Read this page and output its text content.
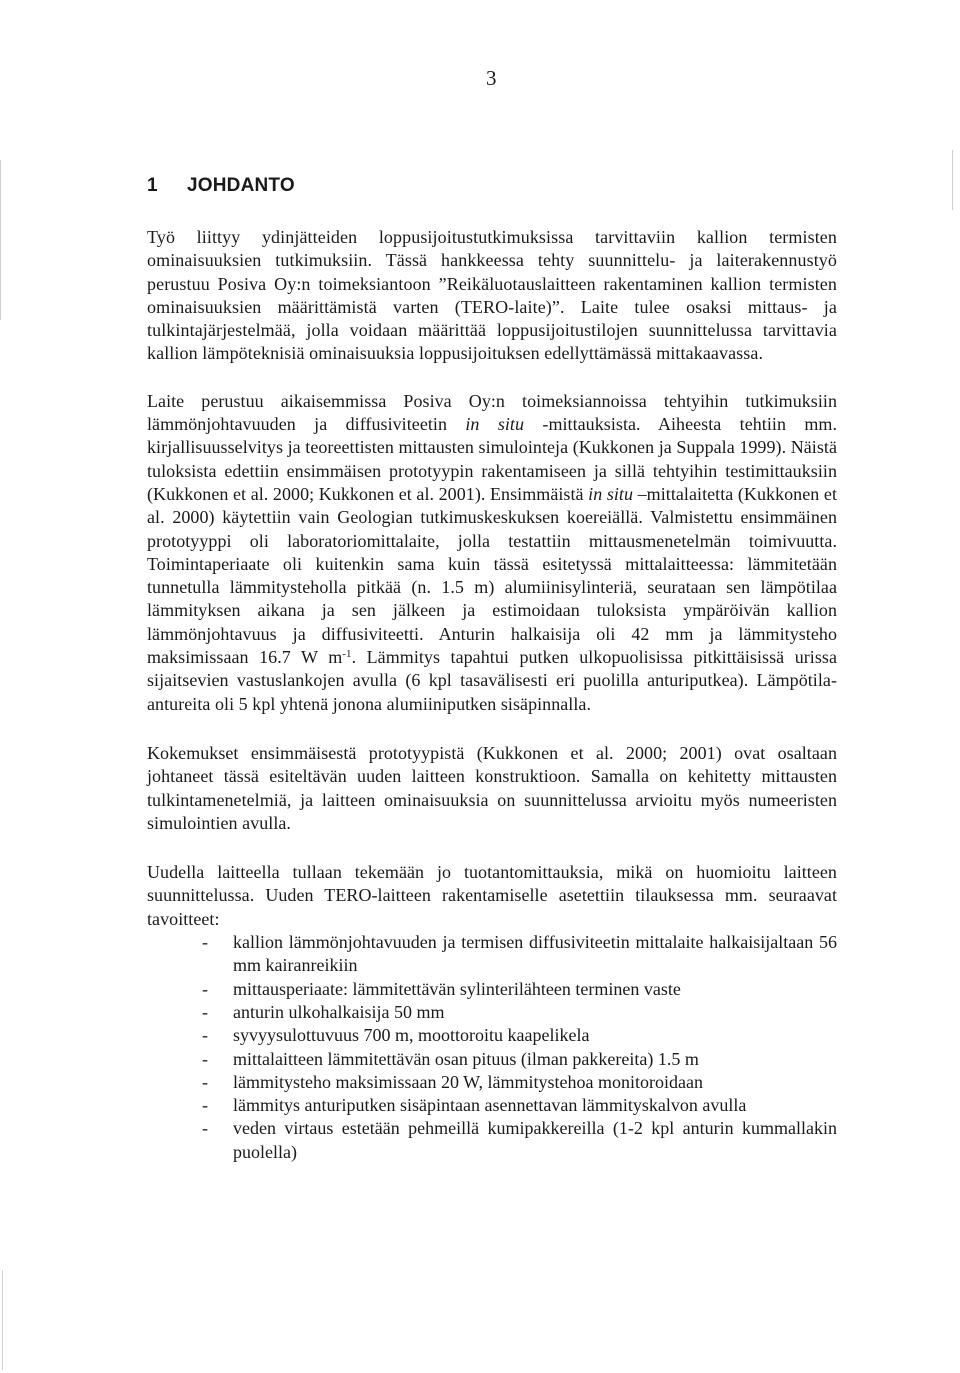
3
1 JOHDANTO

Työ liittyy ydinjätteiden loppusijoitustutkimuksissa tarvittaviin kallion termisten ominaisuuksien tutkimuksiin. Tässä hankkeessa tehty suunnittelu- ja laiterakennustyö perustuu Posiva Oy:n toimeksiantoon ”Reikäluotauslaitteen rakentaminen kallion termisten ominaisuuksien määrittämistä varten (TERO-laite)”. Laite tulee osaksi mittaus- ja tulkintajärjestelmää, jolla voidaan määrittää loppusijoitustilojen suunnittelussa tarvittavia kallion lämpöteknisiä ominaisuuksia loppusijoituksen edellyttämässä mittakaavassa.

Laite perustuu aikaisemmissa Posiva Oy:n toimeksiannoissa tehtyihin tutkimuksiin lämmönjohtavuuden ja diffusiviteetin in situ -mittauksista. Aiheesta tehtiin mm. kirjallisuusselvitys ja teoreettisten mittausten simulointeja (Kukkonen ja Suppala 1999). Näistä tuloksista edettiin ensimmäisen prototyypin rakentamiseen ja sillä tehtyihin testimittauksiin (Kukkonen et al. 2000; Kukkonen et al. 2001). Ensimmäistä in situ –mittalaitetta (Kukkonen et al. 2000) käytettiin vain Geologian tutkimuskeskuksen koereiällä. Valmistettu ensimmäinen prototyyppi oli laboratoriomittalaite, jolla testattiin mittausmenetelmän toimivuutta. Toimintaperiaate oli kuitenkin sama kuin tässä esitetyssä mittalaitteessa: lämmitetään tunnetulla lämmitysteholla pitkää (n. 1.5 m) alumiinisylinteriä, seurataan sen lämpötilaa lämmityksen aikana ja sen jälkeen ja estimoidaan tuloksista ympäröivän kallion lämmönjohtavuus ja diffusiviteetti. Anturin halkaisija oli 42 mm ja lämmitysteho maksimissaan 16.7 W $m^{-1}$. Lämmitys tapahtui putken ulkopuolisissa pitkittäisissä urissa sijaitsevien vastuslankojen avulla (6 kpl tasavälisesti eri puolilla anturiputkea). Lämpötila-antureita oli 5 kpl yhtenä jonona alumiiniputken sisäpinnalla.

Kokemukset ensimmäisestä prototyypistä (Kukkonen et al. 2000; 2001) ovat osaltaan johtaneet tässä esiteltävän uuden laitteen konstruktioon. Samalla on kehitetty mittausten tulkintamenetelmiä, ja laitteen ominaisuuksia on suunnittelussa arvioitu myös numeeristen simulointien avulla.

Uudella laitteella tullaan tekemään jo tuotantomittauksia, mikä on huomioitu laitteen suunnittelussa. Uuden TERO-laitteen rakentamiselle asetettiin tilauksessa mm. seuraavat tavoitteet:

- kallion lämmönjohtavuuden ja termisen diffusiviteetin mittalaite halkaisijaltaan 56 mm kairanreikiin
- mittausperiaate: lämmitettävän sylinterilähteen terminen vaste
- anturin ulkohalkaisija 50 mm
- syvyysulottuvuus 700 m, moottoroitu kaapelikela
- mittalaitteen lämmitettävän osan pituus (ilman pakkereita) 1.5 m
- lämmitysteho maksimissaan 20 W, lämmitystehoa monitoroidaan
- lämmitys anturiputken sisäpintaan asennettavan lämmityskalvon avulla
- veden virtaus estetään pehmeillä kumipakkereilla (1-2 kpl anturin kummallakin puolella)
